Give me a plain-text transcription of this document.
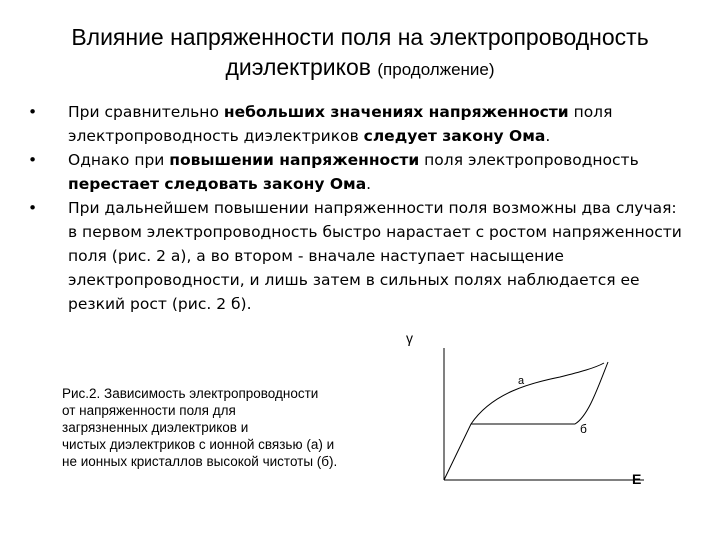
Влияние напряженности поля на электропроводность
диэлектриков (продолжение)
• При сравнительно небольших значениях напряженности поля электропроводность диэлектриков следует закону Ома.
• Однако при повышении напряженности поля электропроводность перестает следовать закону Ома.
• При дальнейшем повышении напряженности поля возможны два случая: в первом электропроводность быстро нарастает с ростом напряженности поля (рис. 2 а), а во втором - вначале наступает насыщение электропроводности, и лишь затем в сильных полях наблюдается ее резкий рост (рис. 2 б).
Рис.2. Зависимость электропроводности
от напряженности поля для
загрязненных диэлектриков и
чистых диэлектриков с ионной связью (а) и
не ионных кристаллов высокой чистоты (б).
γ
E
а
б
